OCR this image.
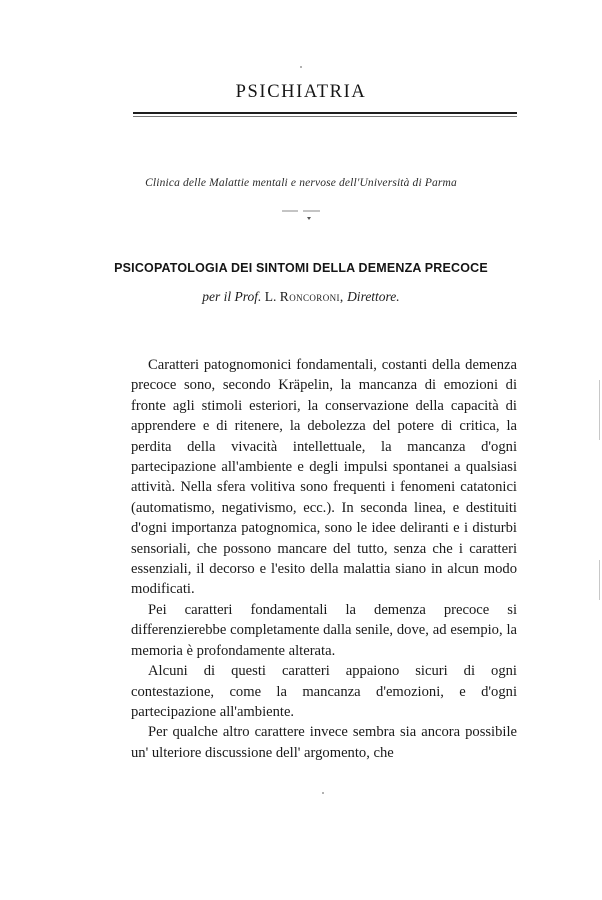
PSICHIATRIA
Clinica delle Malattie mentali e nervose dell'Università di Parma
PSICOPATOLOGIA DEI SINTOMI DELLA DEMENZA PRECOCE
per il Prof. L. Roncoroni, Direttore.

Caratteri patognomonici fondamentali, costanti della demenza precoce sono, secondo Kräpelin, la mancanza di emozioni di fronte agli stimoli esteriori, la conservazione della capacità di apprendere e di ritenere, la debolezza del potere di critica, la perdita della vivacità intellettuale, la mancanza d'ogni partecipazione all'ambiente e degli impulsi spontanei a qualsiasi attività. Nella sfera volitiva sono frequenti i fenomeni catatonici (automatismo, negativismo, ecc.). In seconda linea, e destituiti d'ogni importanza patognomica, sono le idee deliranti e i disturbi sensoriali, che possono mancare del tutto, senza che i caratteri essenziali, il decorso e l'esito della malattia siano in alcun modo modificati.

Pei caratteri fondamentali la demenza precoce si differenzierebbe completamente dalla senile, dove, ad esempio, la memoria è profondamente alterata.

Alcuni di questi caratteri appaiono sicuri di ogni contestazione, come la mancanza d'emozioni, e d'ogni partecipazione all'ambiente.

Per qualche altro carattere invece sembra sia ancora possibile un' ulteriore discussione dell' argomento, che
